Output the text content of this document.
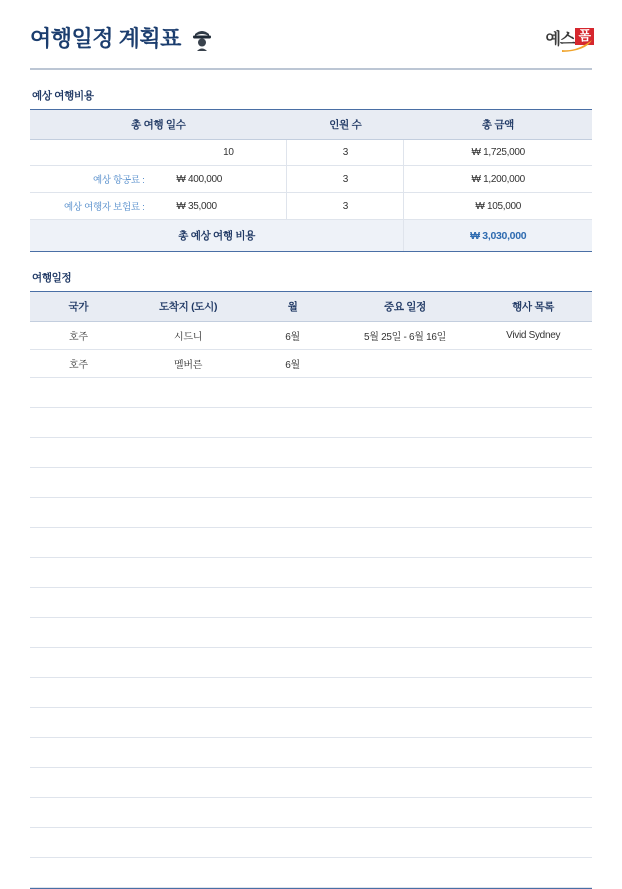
여행일정 계획표	예스 폼
예상 여행비용
총 여행 일수		인원 수	총 금액
	10	3	₩ 1,725,000
예상 항공료 :	₩ 400,000	3	₩ 1,200,000
예상 여행자 보험료 :	₩ 35,000	3	₩ 105,000
총 예상 여행 비용			₩ 3,030,000
여행일정
국가	도착지 (도시)	월	중요 일정	행사 목록
호주	시드니	6월	5월 25일 - 6월 16일	Vivid Sydney
호주	멜버른	6월		
